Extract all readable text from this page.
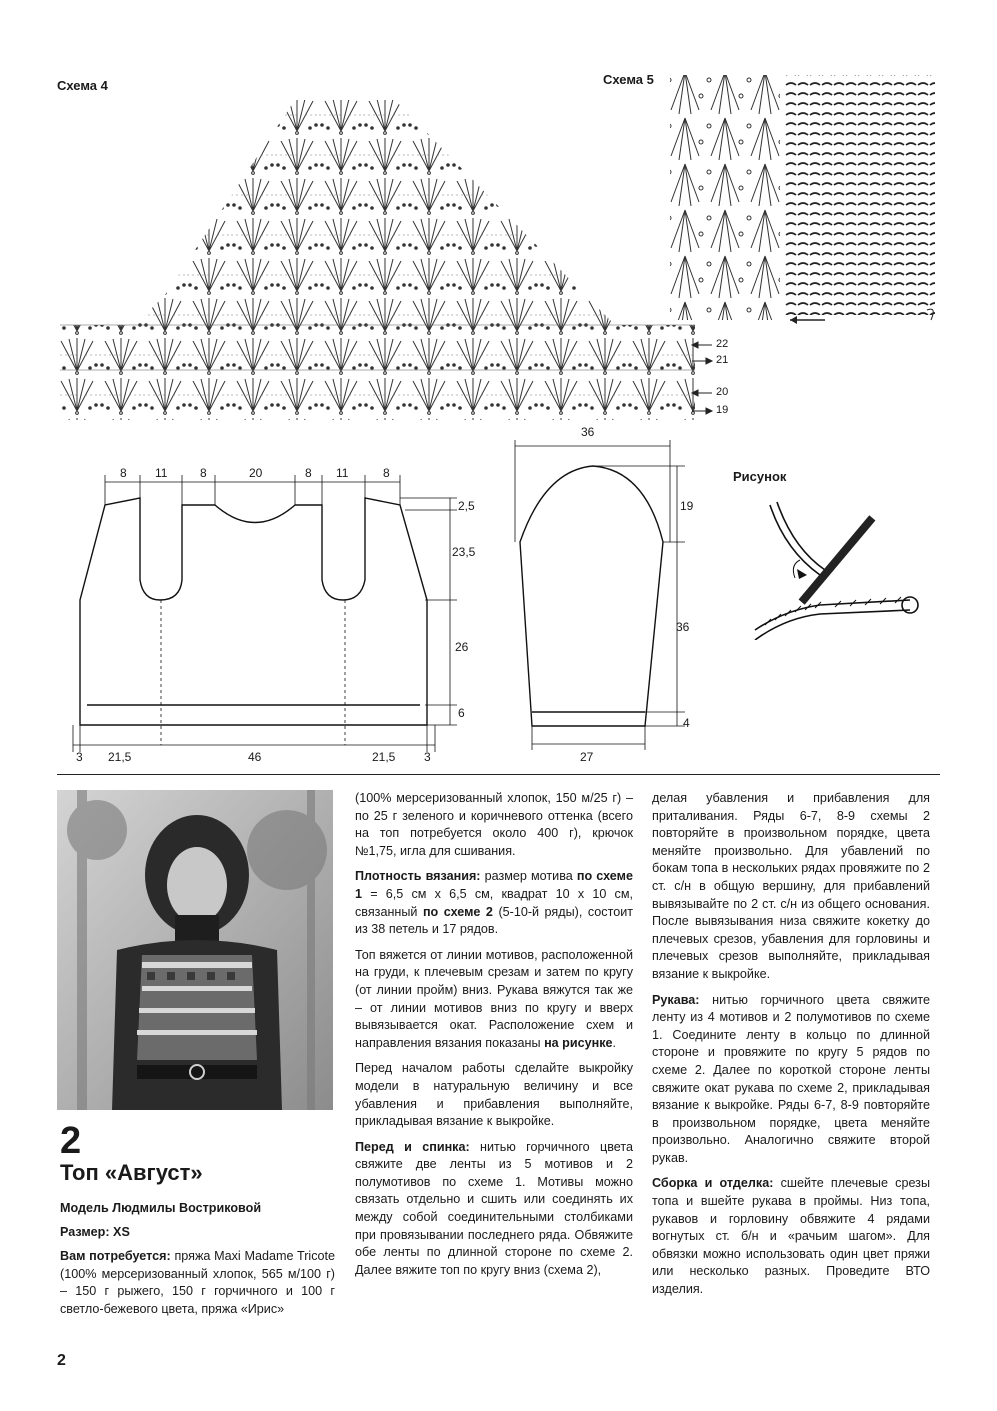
Схема 4	Схема 5
Рисунок
22
21
20
19
8 11	8	20	8 11	8
2,5
23,5
26
6
3 21,5	46	21,5 3
36
19
36
4
27
2
Топ «Август»
Модель Людмилы Востриковой
Размер: XS
Вам потребуется: пряжа Maxi Madame Tricote (100% мерсеризованный хлопок, 565 м/100 г) – 150 г рыжего, 150 г горчичного и 100 г светло-бежевого цвета, пряжа «Ирис»

(100% мерсеризованный хлопок, 150 м/25 г) – по 25 г зеленого и коричневого оттенка (всего на топ потребуется около 400 г), крючок №1,75, игла для сшивания.

Плотность вязания: размер мотива по схеме 1 = 6,5 см х 6,5 см, квадрат 10 х 10 см, связанный по схеме 2 (5-10-й ряды), состоит из 38 петель и 17 рядов.

Топ вяжется от линии мотивов, расположенной на груди, к плечевым срезам и затем по кругу (от линии пройм) вниз. Рукава вяжутся так же – от линии мотивов вниз по кругу и вверх вывязывается окат. Расположение схем и направления вязания показаны на рисунке.

Перед началом работы сделайте выкройку модели в натуральную величину и все убавления и прибавления выполняйте, прикладывая вязание к выкройке.

Перед и спинка: нитью горчичного цвета свяжите две ленты из 5 мотивов и 2 полумотивов по схеме 1. Мотивы можно связать отдельно и сшить или соединять их между собой соединительными столбиками при провязывании последнего ряда. Обвяжите обе ленты по длинной стороне по схеме 2. Далее вяжите топ по кругу вниз (схема 2),

делая убавления и прибавления для приталивания. Ряды 6-7, 8-9 схемы 2 повторяйте в произвольном порядке, цвета меняйте произвольно. Для убавлений по бокам топа в нескольких рядах провяжите по 2 ст. с/н в общую вершину, для прибавлений вывязывайте по 2 ст. с/н из общего основания. После вывязывания низа свяжите кокетку до плечевых срезов, убавления для горловины и плечевых срезов выполняйте, прикладывая вязание к выкройке.

Рукава: нитью горчичного цвета свяжите ленту из 4 мотивов и 2 полумотивов по схеме 1. Соедините ленту в кольцо по длинной стороне и провяжите по кругу 5 рядов по схеме 2. Далее по короткой стороне ленты свяжите окат рукава по схеме 2, прикладывая вязание к выкройке. Ряды 6-7, 8-9 повторяйте в произвольном порядке, цвета меняйте произвольно. Аналогично свяжите второй рукав.

Сборка и отделка: сшейте плечевые срезы топа и вшейте рукава в проймы. Низ топа, рукавов и горловину обвяжите 4 рядами вогнутых ст. б/н и «рачьим шагом». Для обвязки можно использовать один цвет пряжи или несколько разных. Проведите ВТО изделия.

2
